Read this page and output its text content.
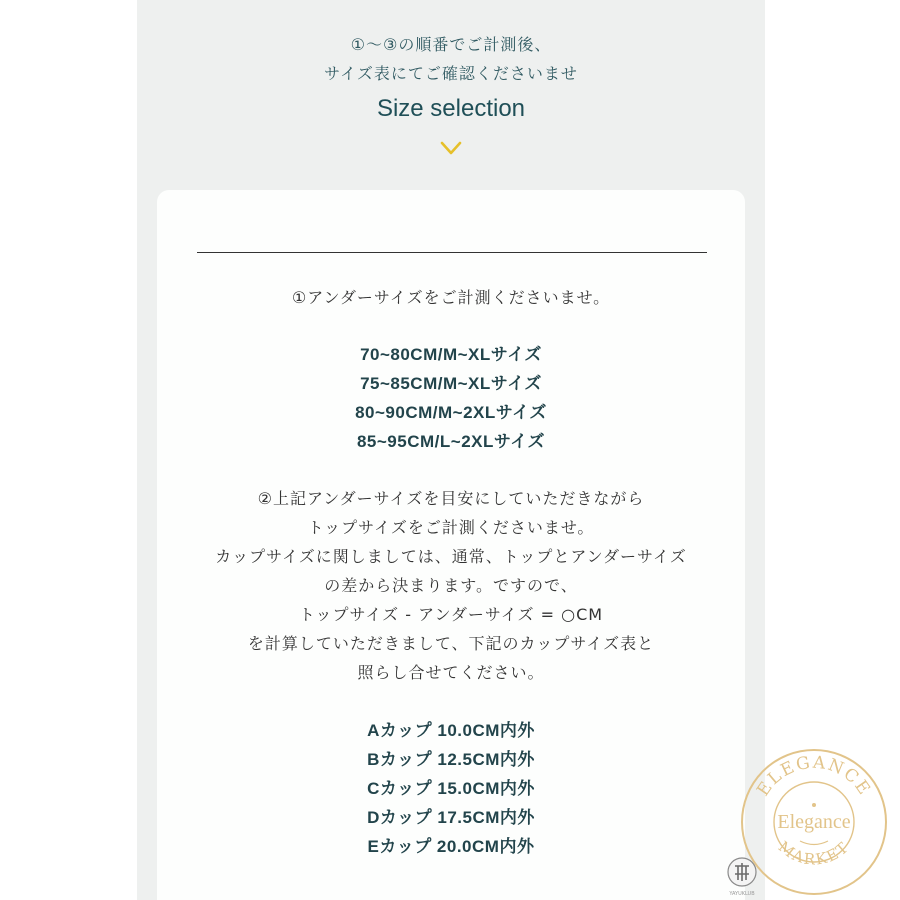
①～③の順番でご計測後、
サイズ表にてご確認くださいませ
Size selection
①アンダーサイズをご計測くださいませ。
70~80CM/M~XLサイズ
75~85CM/M~XLサイズ
80~90CM/M~2XLサイズ
85~95CM/L~2XLサイズ
②上記アンダーサイズを目安にしていただきながら
トップサイズをご計測くださいませ。
カップサイズに関しましては、通常、トップとアンダーサイズ
の差から決まります。ですので、
トップサイズ - アンダーサイズ = ○CM
を計算していただきまして、下記のカップサイズ表と
照らし合せてください。
Aカップ 10.0CM内外
Bカップ 12.5CM内外
Cカップ 15.0CM内外
Dカップ 17.5CM内外
Eカップ 20.0CM内外
YAYUKLUB
ELEGANCE
MARKET
Elegance
